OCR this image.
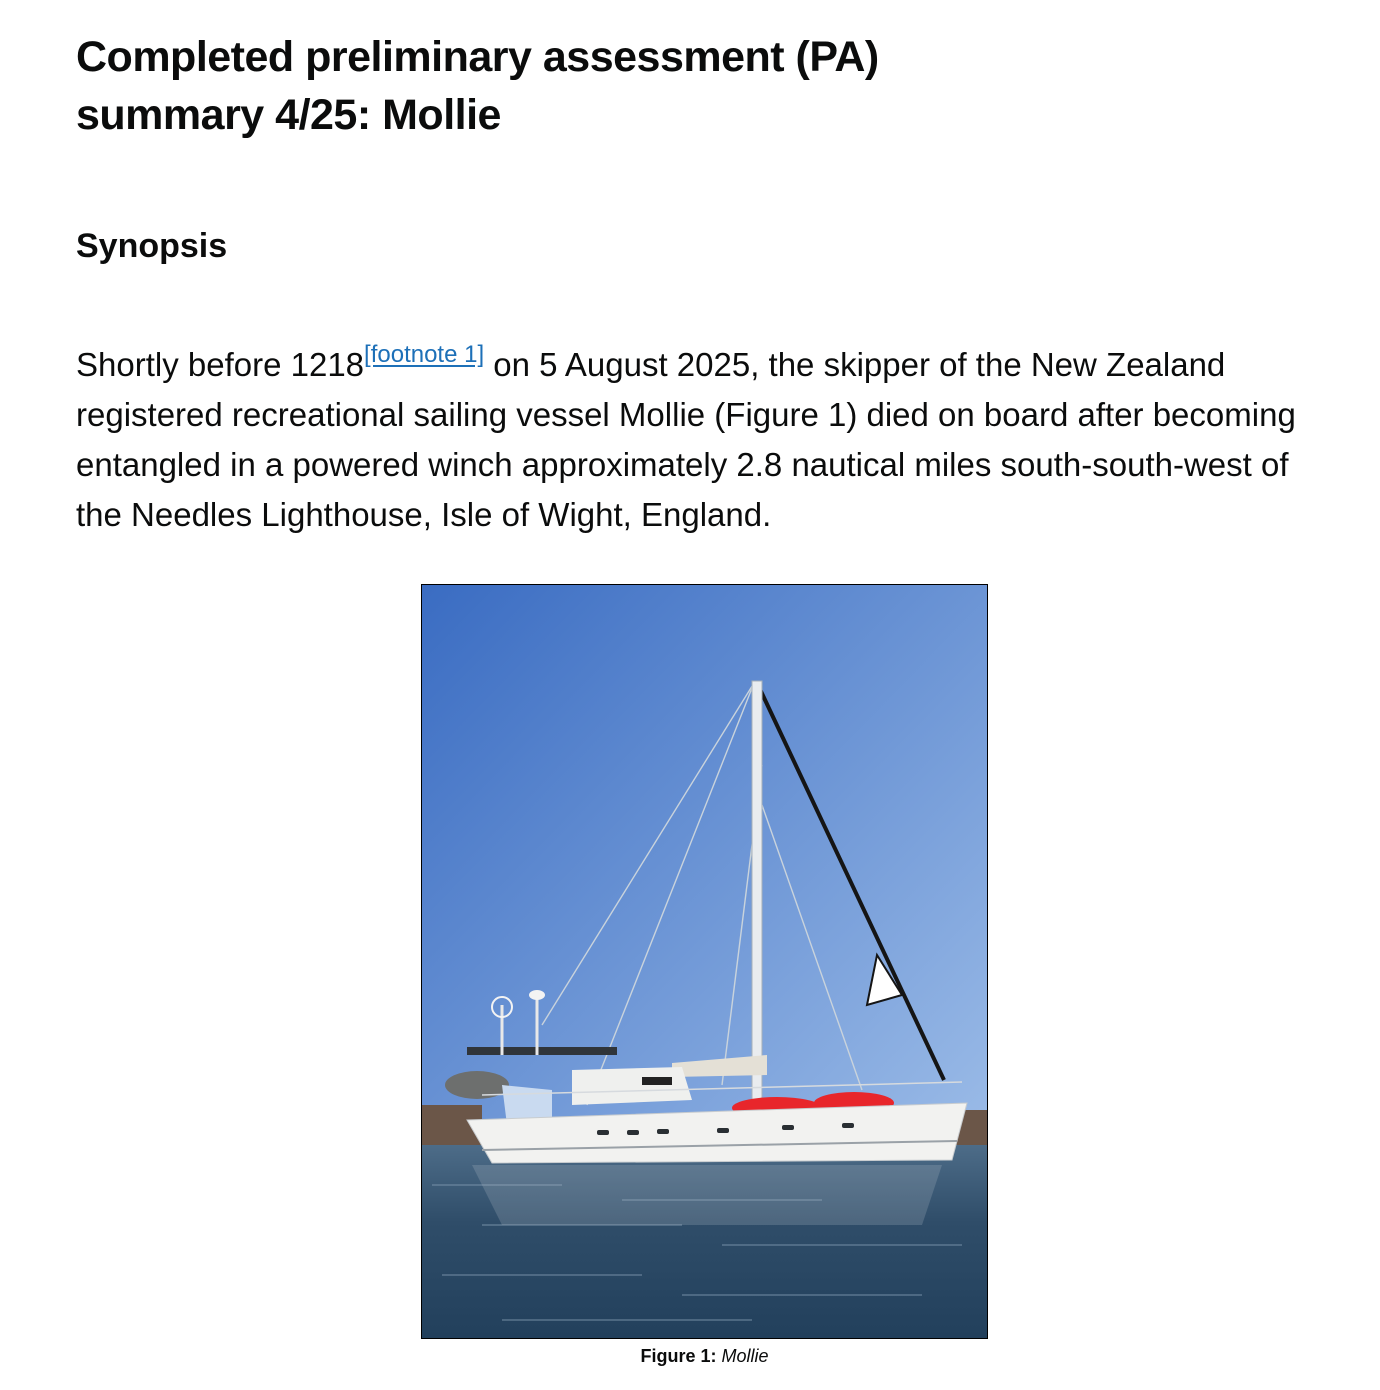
Completed preliminary assessment (PA) summary 4/25: Mollie
Synopsis

Shortly before 1218[footnote 1] on 5 August 2025, the skipper of the New Zealand registered recreational sailing vessel Mollie (Figure 1) died on board after becoming entangled in a powered winch approximately 2.8 nautical miles south-south-west of the Needles Lighthouse, Isle of Wight, England.

Figure 1: Mollie
